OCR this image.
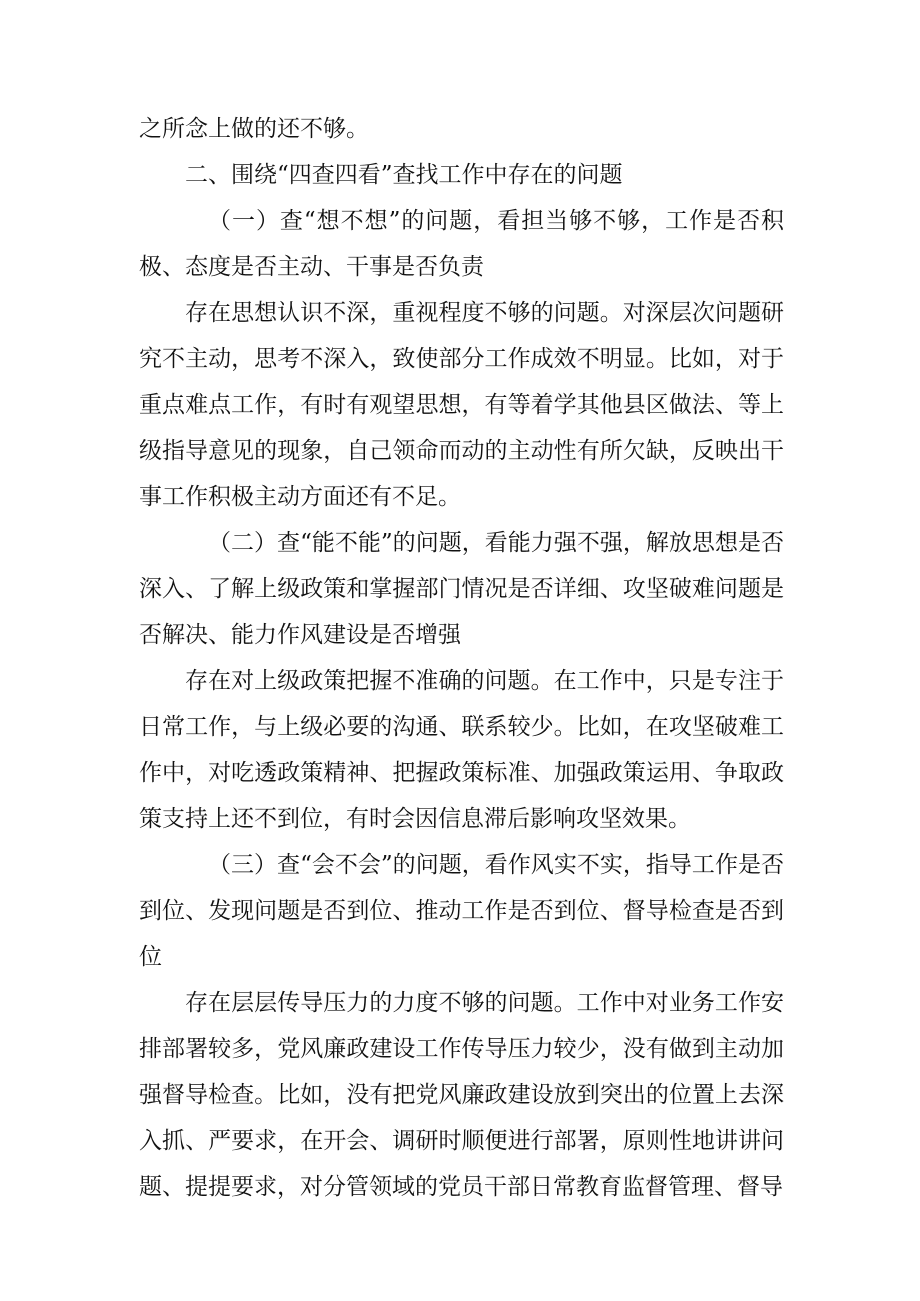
之所念上做的还不够。

二、围绕“四查四看”查找工作中存在的问题

（一）查“想不想”的问题，看担当够不够，工作是否积极、态度是否主动、干事是否负责

存在思想认识不深，重视程度不够的问题。对深层次问题研究不主动，思考不深入，致使部分工作成效不明显。比如，对于重点难点工作，有时有观望思想，有等着学其他县区做法、等上级指导意见的现象，自己领命而动的主动性有所欠缺，反映出干事工作积极主动方面还有不足。

（二）查“能不能”的问题，看能力强不强，解放思想是否深入、了解上级政策和掌握部门情况是否详细、攻坚破难问题是否解决、能力作风建设是否增强

存在对上级政策把握不准确的问题。在工作中，只是专注于日常工作，与上级必要的沟通、联系较少。比如，在攻坚破难工作中，对吃透政策精神、把握政策标准、加强政策运用、争取政策支持上还不到位，有时会因信息滞后影响攻坚效果。

（三）查“会不会”的问题，看作风实不实，指导工作是否到位、发现问题是否到位、推动工作是否到位、督导检查是否到位

存在层层传导压力的力度不够的问题。工作中对业务工作安排部署较多，党风廉政建设工作传导压力较少，没有做到主动加强督导检查。比如，没有把党风廉政建设放到突出的位置上去深入抓、严要求，在开会、调研时顺便进行部署，原则性地讲讲问题、提提要求，对分管领域的党员干部日常教育监督管理、督导
